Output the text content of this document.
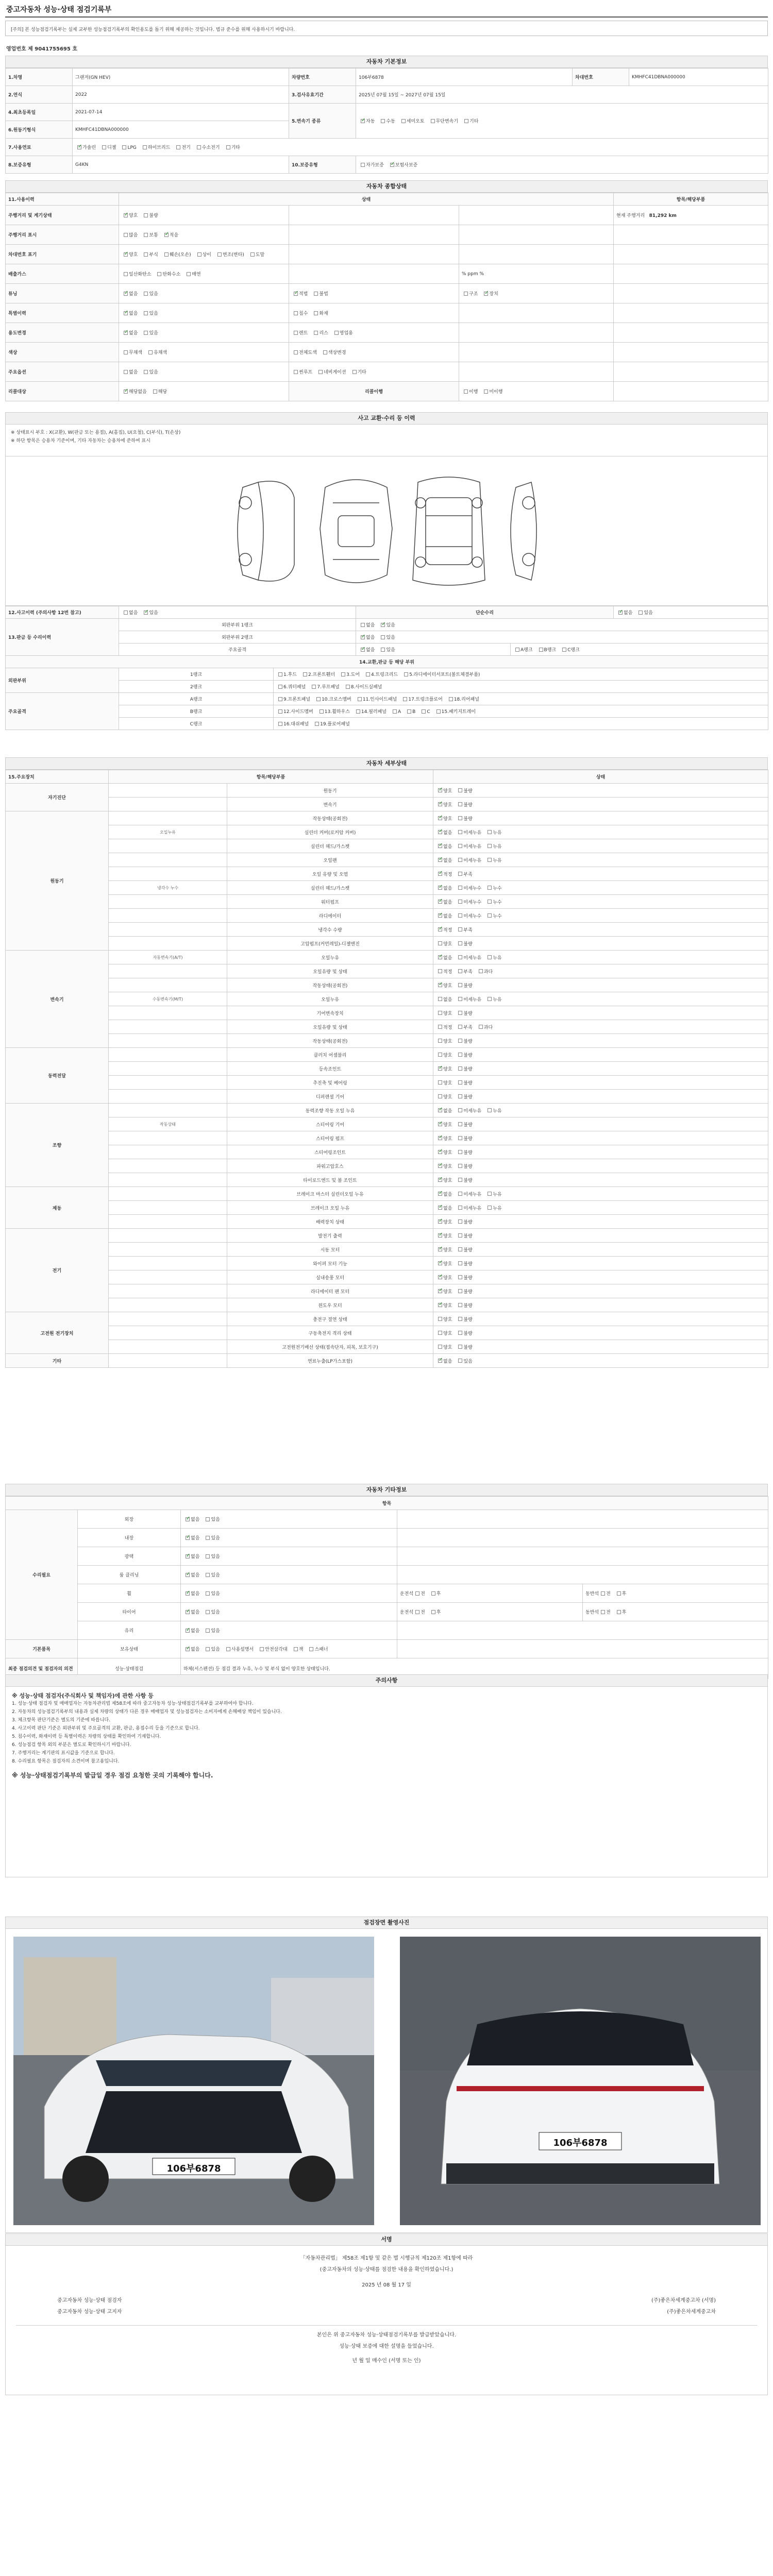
중고자동차 성능·상태 점검기록부
[주의] 본 성능점검기록부는 실제 교부한 성능점검기록부의 확인용도를 돕기 위해 제공하는 것입니다. 법규 준수를 위해 사용하시기 바랍니다.
영업번호 제 9041755695 호
자동차 기본정보
1.차명	그랜저(GN HEV)	차량번호	106부6878	차대번호	KMHFC41DBNA000000
2.연식	2022	3.검사유효기간	2025년 07월 15일 ~ 2027년 07월 15일		
4.최초등록일	2021-07-14	5.변속기 종류	✓자동 수동 세미오토 무단변속기 기타
6.원동기형식	KMHFC41DBNA000000				
7.사용연료	✓가솔린 디젤 LPG 하이브리드 전기 수소전기 기타
8.보증유형	G4KN	10.보증유형	자가보증 ✓ 보험사보증
자동차 종합상태
11.사용이력	상태			항목/해당부품
주행거리 및 계기상태	✓양호 불량			현재 주행거리   81,292 km
주행거리 표시	많음 보통 ✓ 적음			
차대번호 표기	✓양호 부식 훼손(오손) 상이 변조(변타) 도말			
배출가스	일산화탄소 탄화수소 매연		% ppm %	
튜닝	✓없음 있음	✓적법 불법	구조 ✓ 장치	
특별이력	✓없음 있음	침수 화재		
용도변경	✓없음 있음	렌트 리스 영업용		
색상	무채색 유채색	전체도색 색상변경		
주요옵션	없음 있음	썬루프 네비게이션 기타		
리콜대상	✓해당없음 해당	리콜이행	이행 미이행	
사고 교환·수리 등 이력
※ 상태표시 부호 : X(교환), W(판금 또는 용접), A(흠집), U(요철), C(부식), T(손상)
※ 하단 항목은 승용차 기준이며, 기타 자동차는 승용차에 준하여 표시
12.사고이력 (주의사항 12번 참고)	없음 ✓ 있음		단순수리	✓없음 있음
13.판금 등 수리이력	외판부위 1랭크		없음 ✓ 있음
	외판부위 2랭크	✓없음 있음
	주요골격	✓없음 있음	A랭크 B랭크 C랭크	
14.교환,판금 등 해당 부위					
외판부위	1랭크	1.후드 2.프론트휀더 3.도어 4.트렁크리드 5.라디에이터서포트(볼트체결부품)			
	2랭크	6.쿼터패널 7.루프패널 8.사이드실패널			
주요골격	A랭크	9.프론트패널 10.크로스멤버 11.인사이드패널 17.트렁크플로어 18.리어패널			
	B랭크	12.사이드멤버 13.휠하우스 14.필러패널 A B C 15.패키지트레이			
	C랭크	16.대쉬패널 19.플로어패널			
자동차 세부상태
15.주요장치	항목/해당부품		상태
자기진단		원동기	✓양호 불량
		변속기	✓양호 불량
원동기		작동상태(공회전)	✓양호 불량
	오일누유	실린더 커버(로커암 커버)	✓없음 미세누유 누유
		실린더 헤드/가스켓	✓없음 미세누유 누유
		오일팬	✓없음 미세누유 누유
		오일 유량 및 오염	✓적정 부족
	냉각수 누수	실린더 헤드/가스켓	✓없음 미세누수 누수
		워터펌프	✓없음 미세누수 누수
		라디에이터	✓없음 미세누수 누수
		냉각수 수량	✓적정 부족
		고압펌프(커먼레일)-디젤엔진	양호 불량
변속기	자동변속기(A/T)	오일누유	✓없음 미세누유 누유
		오일유량 및 상태	적정 부족 과다
		작동상태(공회전)	✓양호 불량
	수동변속기(M/T)	오일누유	없음 미세누유 누유
		기어변속장치	양호 불량
		오일유량 및 상태	적정 부족 과다
		작동상태(공회전)	양호 불량
동력전달		클러치 어셈블리	양호 불량
		등속조인트	✓양호 불량
		추진축 및 베어링	양호 불량
		디퍼렌셜 기어	양호 불량
조향		동력조향 작동 오일 누유	✓없음 미세누유 누유
	작동상태	스티어링 기어	✓양호 불량
		스티어링 펌프	✓양호 불량
		스티어링조인트	✓양호 불량
		파워고압호스	✓양호 불량
		타이로드엔드 및 볼 조인트	✓양호 불량
제동		브레이크 마스터 실린더오일 누유	✓없음 미세누유 누유
		브레이크 오일 누유	✓없음 미세누유 누유
		배력장치 상태	✓양호 불량
전기		발전기 출력	✓양호 불량
		시동 모터	✓양호 불량
		와이퍼 모터 기능	✓양호 불량
		실내송풍 모터	✓양호 불량
		라디에이터 팬 모터	✓양호 불량
		윈도우 모터	✓양호 불량
고전원 전기장치		충전구 절연 상태	양호 불량
		구동축전지 격리 상태	양호 불량
		고전원전기배선 상태(접속단자, 피복, 보호기구)	양호 불량
기타		연료누출(LP가스포함)	✓없음 있음
자동차 기타정보
항목				
수리필요	외장	✓없음 있음	
	내장	✓없음 있음	
	광택	✓없음 있음	
	룸 클리닝	✓없음 있음	
	휠	✓없음 있음	운전석 전 후	동반석 전 후
	타이어	✓없음 있음	운전석 전 후	동반석 전 후
	유리	✓없음 있음	
기본품목	보유상태	✓없음 있음 사용설명서 안전삼각대 잭 스패너	
최종 점검의견 및 점검자의 의견	성능·상태점검	하체(서스펜션) 등 점검 결과 누유, 누수 및 부식 없이 양호한 상태입니다.		
주의사항

※ 성능·상태 점검자(주식회사 및 책임자)에 관한 사항 등

1. 성능·상태 점검자 및 매매업자는 자동차관리법 제58조에 따라 중고자동차 성능·상태점검기록부를 교부하여야 합니다.

2. 자동차의 성능점검기록부의 내용과 실제 차량의 상태가 다른 경우 매매업자 및 성능점검자는 소비자에게 손해배상 책임이 있습니다.

3. 체크항목 판단기준은 별도의 기준에 따릅니다.

4. 사고이력 판단 기준은 외판부위 및 주요골격의 교환, 판금, 용접수리 등을 기준으로 합니다.

5. 침수이력, 화재이력 등 특별이력은 차량의 상태를 확인하여 기재합니다.

6. 성능점검 항목 외의 부분은 별도로 확인하시기 바랍니다.

7. 주행거리는 계기판의 표시값을 기준으로 합니다.

8. 수리필요 항목은 점검자의 소견이며 참고용입니다.

※ 성능·상태점검기록부의 발급일 경우 점검 요청한 곳의 기록해야 합니다.

점검장면 촬영사진
106부6878
106부6878
서명
「자동차관리법」 제58조 제1항 및 같은 법 시행규칙 제120조 제1항에 따라
(중고자동차의 성능·상태를 점검한 내용을 확인하였습니다.)
2025 년 08 월 17 일
중고자동차 성능·상태 점검자	(주)좋은차세계중고차 (서명)
중고자동차 성능·상태 고지자	(주)좋은차세계중고차
본인은 위 중고자동차 성능·상태점검기록부를 발급받았습니다.
성능·상태 보증에 대한 설명을 들었습니다.
년 월 일 매수인 (서명 또는 인)
